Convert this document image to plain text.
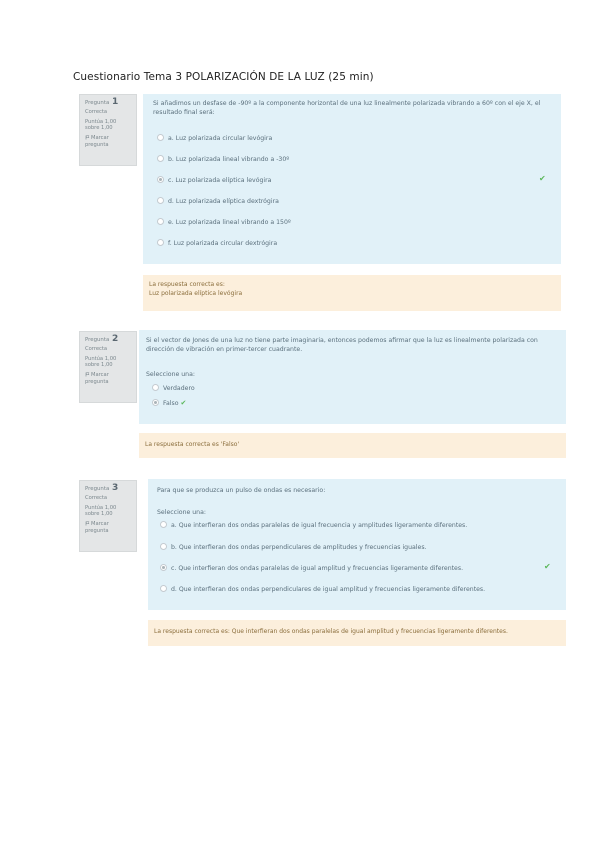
Cuestionario Tema 3 POLARIZACIÓN DE LA LUZ (25 min)
Pregunta 1
Correcta
Puntúa 1,00 sobre 1,00
Marcar pregunta
Si añadimos un desfase de -90º a la componente horizontal de una luz linealmente polarizada vibrando a 60º con el eje X, el resultado final será:
a. Luz polarizada circular levógira
b. Luz polarizada lineal vibrando a -30º
c. Luz polarizada elíptica levógira	✔
d. Luz polarizada elíptica dextrógira
e. Luz polarizada lineal vibrando a 150º
f. Luz polarizada circular dextrógira
La respuesta correcta es:
Luz polarizada elíptica levógira
Pregunta 2
Correcta
Puntúa 1,00 sobre 1,00
Marcar pregunta
Si el vector de Jones de una luz no tiene parte imaginaria, entonces podemos afirmar que la luz es linealmente polarizada con dirección de vibración en primer-tercer cuadrante.
Seleccione una:
Verdadero
Falso ✔
La respuesta correcta es 'Falso'
Pregunta 3
Correcta
Puntúa 1,00 sobre 1,00
Marcar pregunta
Para que se produzca un pulso de ondas es necesario:
Seleccione una:
a. Que interfieran dos ondas paralelas de igual frecuencia y amplitudes ligeramente diferentes.
b. Que interfieran dos ondas perpendiculares de amplitudes y frecuencias iguales.
c. Que interfieran dos ondas paralelas de igual amplitud y frecuencias ligeramente diferentes.	✔
d. Que interfieran dos ondas perpendiculares de igual amplitud y frecuencias ligeramente diferentes.
La respuesta correcta es: Que interfieran dos ondas paralelas de igual amplitud y frecuencias ligeramente diferentes.
